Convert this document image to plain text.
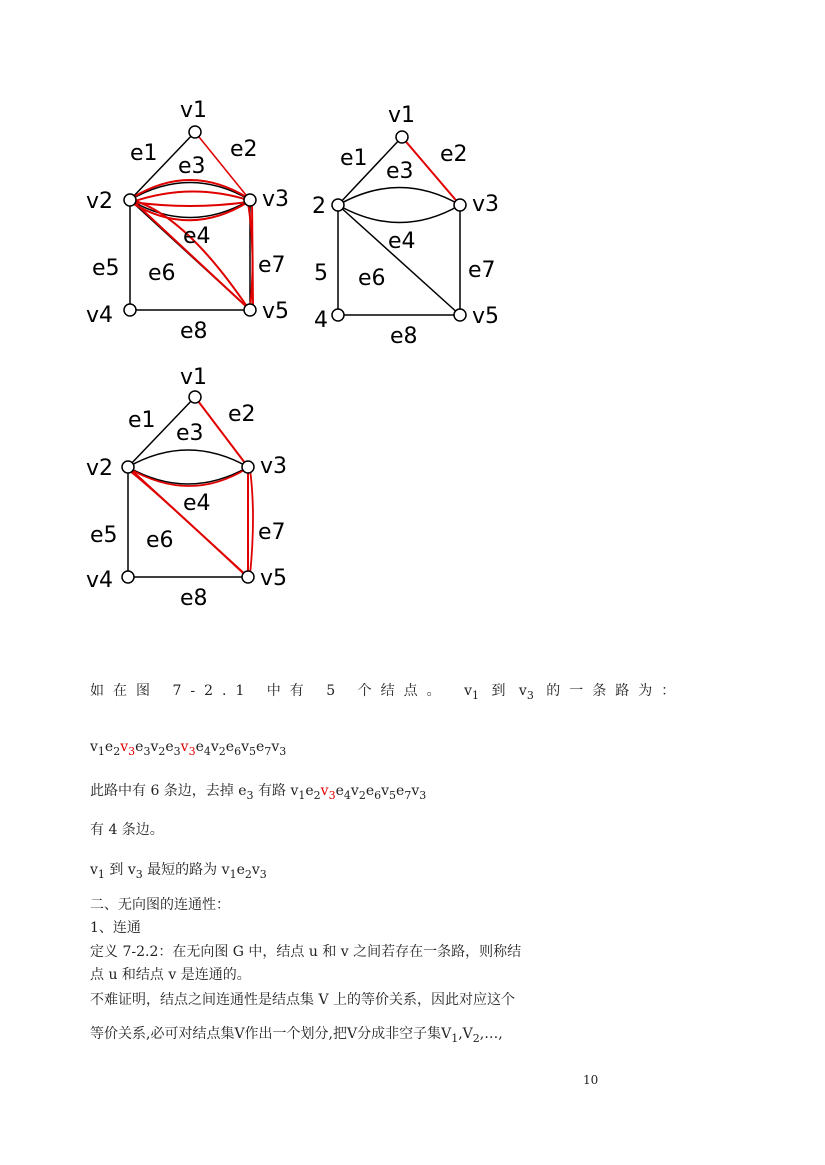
v1
v2	v3
v4	v5
e1	e2
e3
e4
e5 e6	e7
e8
v1
2	v3
4	v5
e1	e2
e3
e4
5 e6	e7
e8
v1
v2	v3
v4	v5
e1	e2
e3
e4
e5 e6	e7
e8
如在图 7-2.1 中有 5 个结点。 $v_1$ 到 $v_3$ 的一条路为：
$v_1e_2v_3e_3v_2e_3v_3e_4v_2e_6v_5e_7v_3$
此路中有 6 条边，去掉 $e_3$ 有路 $v_1e_2v_3e_4v_2e_6v_5e_7v_3$
有 4 条边。
$v_1$ 到 $v_3$ 最短的路为 $v_1e_2v_3$
二、无向图的连通性：
1、连通
定义 7-2.2：在无向图 G 中，结点 u 和 v 之间若存在一条路，则称结
点 u 和结点 v 是连通的。
不难证明，结点之间连通性是结点集 V 上的等价关系，因此对应这个
等价关系,必可对结点集V作出一个划分,把V分成非空子集$V_1,V_2,\dots$,
10
